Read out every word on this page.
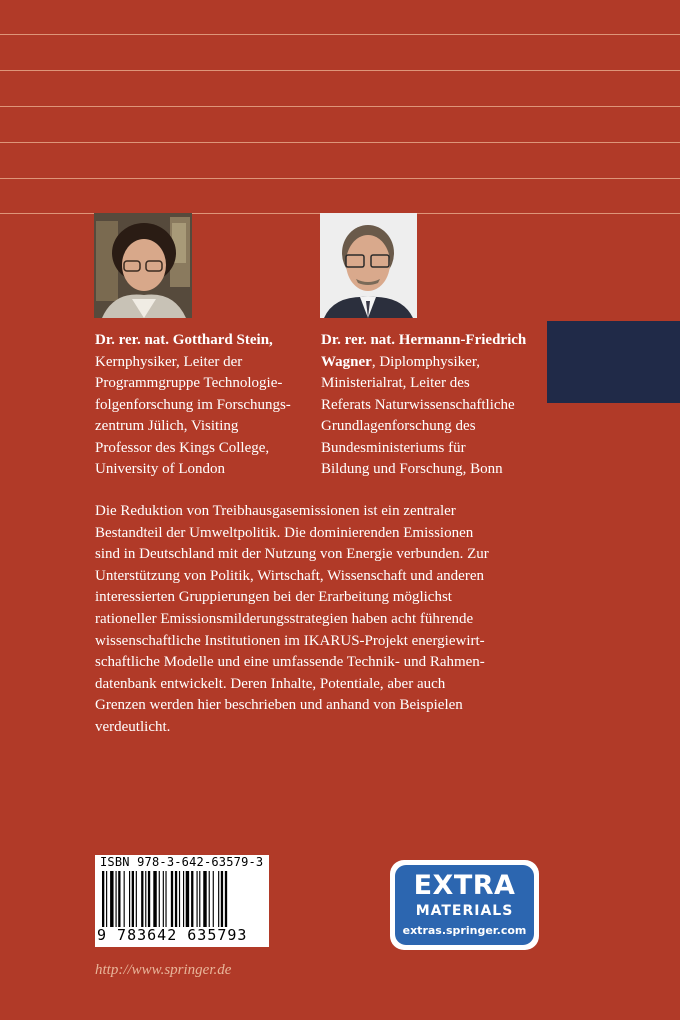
Dr. rer. nat. Gotthard Stein,
Kernphysiker, Leiter der
Programmgruppe Technologie-
folgenforschung im Forschungs-
zentrum Jülich, Visiting
Professor des Kings College,
University of London
Dr. rer. nat. Hermann-Friedrich
Wagner, Diplomphysiker,
Ministerialrat, Leiter des
Referats Naturwissenschaftliche
Grundlagenforschung des
Bundesministeriums für
Bildung und Forschung, Bonn
Die Reduktion von Treibhausgasemissionen ist ein zentraler
Bestandteil der Umweltpolitik. Die dominierenden Emissionen
sind in Deutschland mit der Nutzung von Energie verbunden. Zur
Unterstützung von Politik, Wirtschaft, Wissenschaft und anderen
interessierten Gruppierungen bei der Erarbeitung möglichst
rationeller Emissionsmilderungsstrategien haben acht führende
wissenschaftliche Institutionen im IKARUS-Projekt energiewirt-
schaftliche Modelle und eine umfassende Technik- und Rahmen-
datenbank entwickelt. Deren Inhalte, Potentiale, aber auch
Grenzen werden hier beschrieben und anhand von Beispielen
verdeutlicht.
ISBN 978-3-642-63579-3
9 783642 635793
EXTRA
MATERIALS
extras.springer.com
http://www.springer.de
